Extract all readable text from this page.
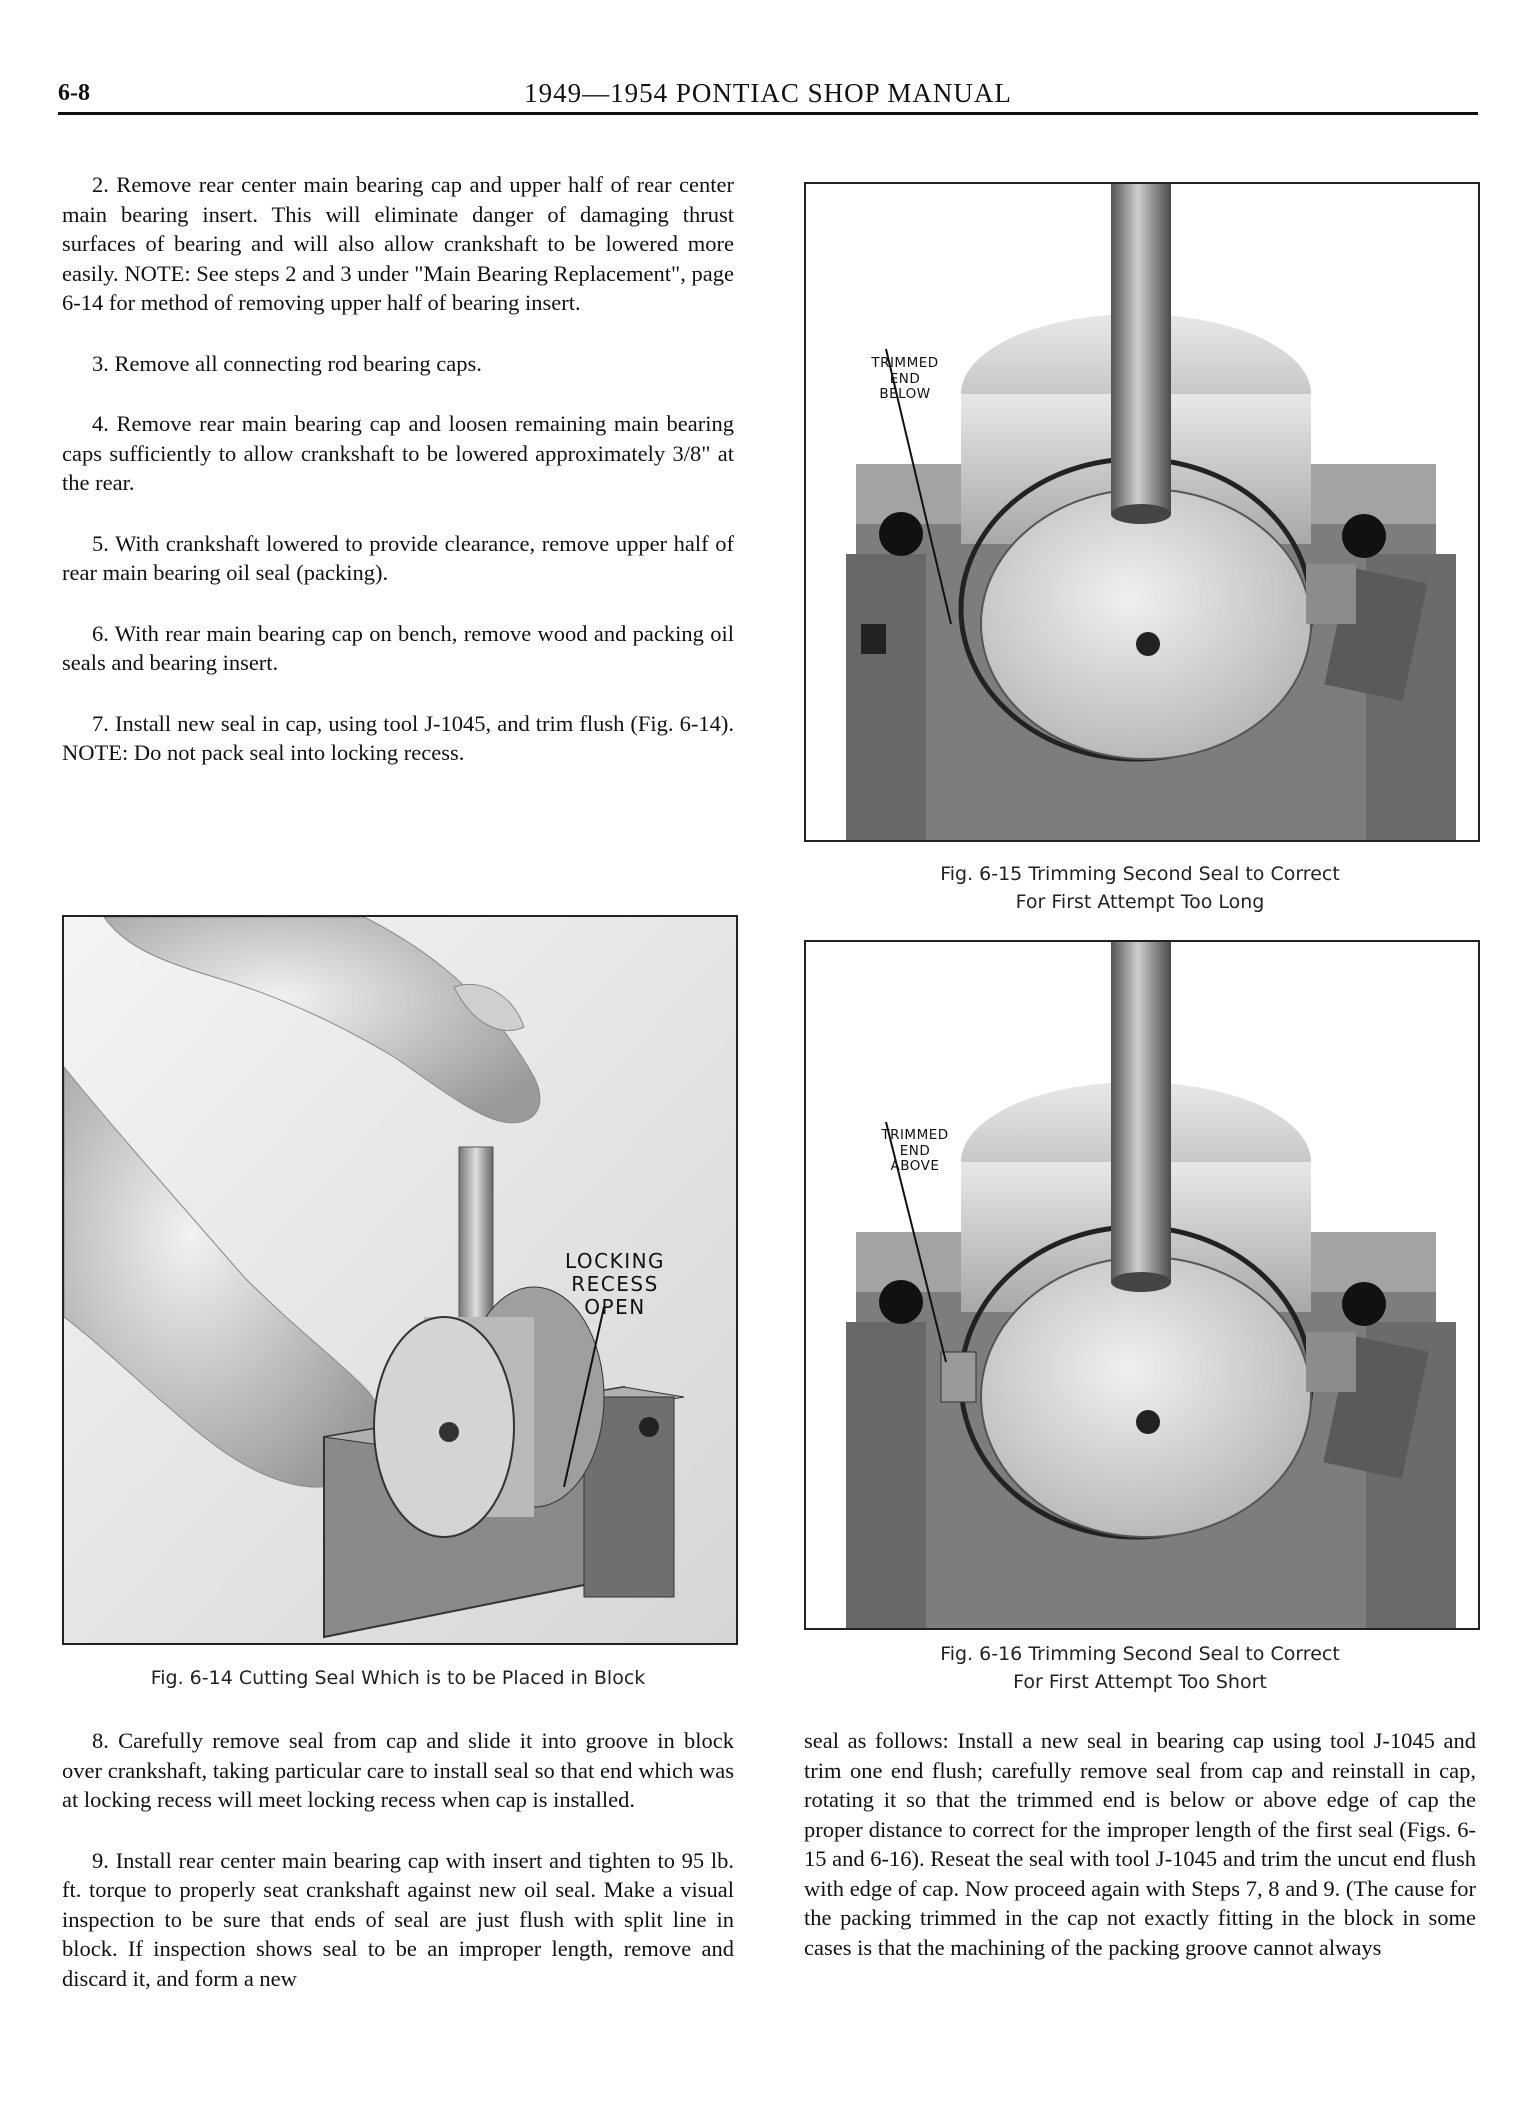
6-8	1949—1954 PONTIAC SHOP MANUAL

2. Remove rear center main bearing cap and upper half of rear center main bearing insert. This will eliminate danger of damaging thrust surfaces of bearing and will also allow crankshaft to be lowered more easily. NOTE: See steps 2 and 3 under "Main Bearing Replacement", page 6-14 for method of removing upper half of bearing insert.

3. Remove all connecting rod bearing caps.

4. Remove rear main bearing cap and loosen remaining main bearing caps sufficiently to allow crankshaft to be lowered approximately 3/8" at the rear.

5. With crankshaft lowered to provide clearance, remove upper half of rear main bearing oil seal (packing).

6. With rear main bearing cap on bench, remove wood and packing oil seals and bearing insert.

7. Install new seal in cap, using tool J-1045, and trim flush (Fig. 6-14). NOTE: Do not pack seal into locking recess.

LOCKING
RECESS
OPEN
Fig. 6-14 Cutting Seal Which is to be Placed in Block

8. Carefully remove seal from cap and slide it into groove in block over crankshaft, taking particular care to install seal so that end which was at locking recess will meet locking recess when cap is installed.

9. Install rear center main bearing cap with insert and tighten to 95 lb. ft. torque to properly seat crankshaft against new oil seal. Make a visual inspection to be sure that ends of seal are just flush with split line in block. If inspection shows seal to be an improper length, remove and discard it, and form a new

TRIMMED
END
BELOW
Fig. 6-15 Trimming Second Seal to Correct
For First Attempt Too Long
TRIMMED
END
ABOVE
Fig. 6-16 Trimming Second Seal to Correct
For First Attempt Too Short

seal as follows: Install a new seal in bearing cap using tool J-1045 and trim one end flush; carefully remove seal from cap and reinstall in cap, rotating it so that the trimmed end is below or above edge of cap the proper distance to correct for the improper length of the first seal (Figs. 6-15 and 6-16). Reseat the seal with tool J-1045 and trim the uncut end flush with edge of cap. Now proceed again with Steps 7, 8 and 9. (The cause for the packing trimmed in the cap not exactly fitting in the block in some cases is that the machining of the packing groove cannot always
